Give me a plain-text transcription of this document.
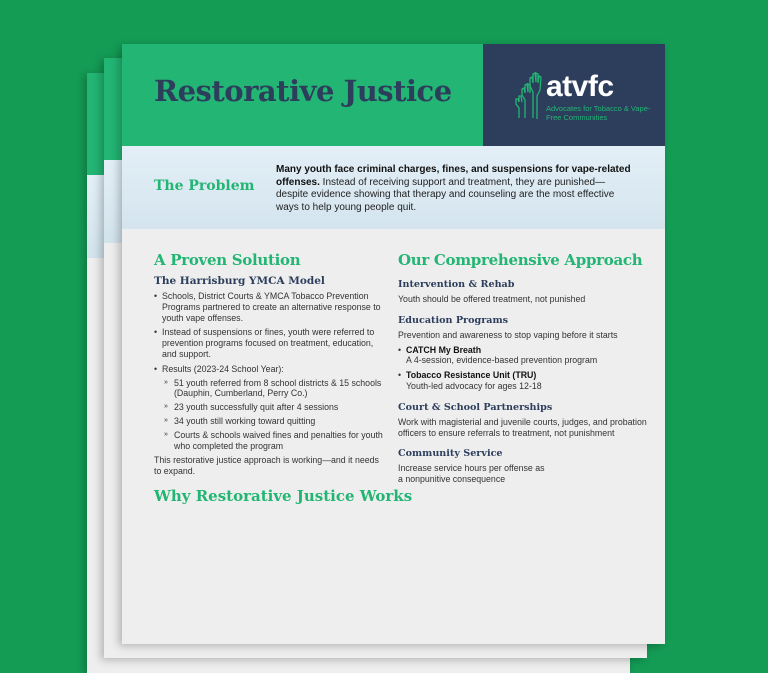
Restorative Justice	atvfc
Advocates for Tobacco & Vape-Free Communities
The Problem

Many youth face criminal charges, fines, and suspensions for vape-related offenses. Instead of receiving support and treatment, they are punished—despite evidence showing that therapy and counseling are the most effective ways to help young people quit.

A Proven Solution
The Harrisburg YMCA Model
• Schools, District Courts & YMCA Tobacco Prevention Programs partnered to create an alternative response to youth vape offenses.
• Instead of suspensions or fines, youth were referred to prevention programs focused on treatment, education, and support.
• Results (2023-24 School Year):
» 51 youth referred from 8 school districts & 15 schools (Dauphin, Cumberland, Perry Co.)
» 23 youth successfully quit after 4 sessions
» 34 youth still working toward quitting
» Courts & schools waived fines and penalties for youth who completed the program
This restorative justice approach is working—and it needs to expand.
Our Comprehensive Approach
Intervention & Rehab
Youth should be offered treatment, not punished
Education Programs
Prevention and awareness to stop vaping before it starts
• CATCH My Breath
A 4-session, evidence-based prevention program
• Tobacco Resistance Unit (TRU)
Youth-led advocacy for ages 12-18
Court & School Partnerships
Work with magisterial and juvenile courts, judges, and probation officers to ensure referrals to treatment, not punishment
Community Service
Increase service hours per offense as a nonpunitive consequence
Why Restorative Justice Works
